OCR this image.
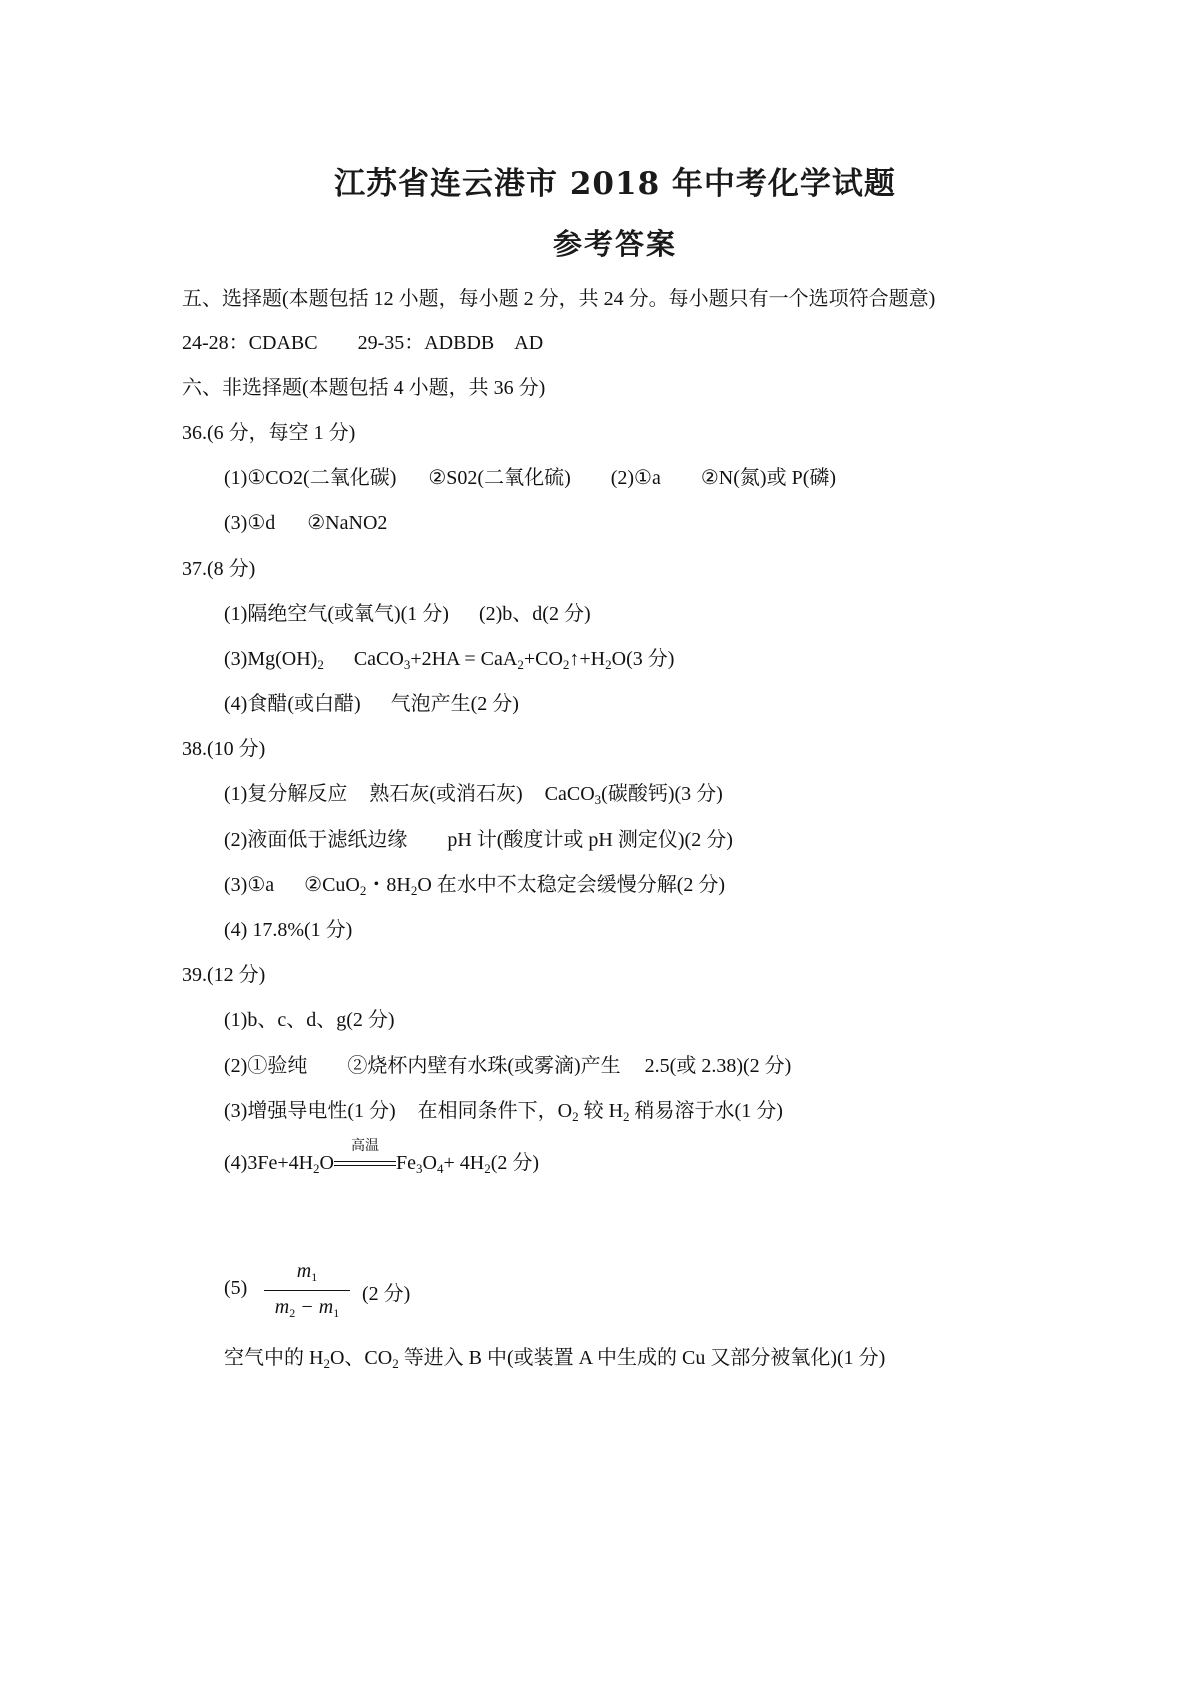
江苏省连云港市 2018 年中考化学试题
参考答案
五、选择题(本题包括 12 小题，每小题 2 分，共 24 分。每小题只有一个选项符合题意)
24-28：CDABC 29-35：ADBDB　AD
六、非选择题(本题包括 4 小题，共 36 分)
36.(6 分，每空 1 分)
(1)①CO2(二氧化碳) ②S02(二氧化硫) (2)①a ②N(氮)或 P(磷)
(3)①d ②NaNO2
37.(8 分)
(1)隔绝空气(或氧气)(1 分) (2)b、d(2 分)
$(3)Mg(OH)_2$ CaCO$_3$+2HA = $CaA_2+CO_2↑+H_2O(3$ 分)
(4)食醋(或白醋) 气泡产生(2 分)
38.(10 分)
(1)复分解反应 熟石灰(或消石灰) CaCO$_3$(碳酸钙)(3 分)
(2)液面低于滤纸边缘 pH 计(酸度计或 pH 测定仪)(2 分)
(3)①a ②CuO$_2$・$8H_2O$ 在水中不太稳定会缓慢分解(2 分)
(4) 17.8%(1 分)
39.(12 分)
(1)b、c、d、g(2 分)
(2)①验纯 ②烧杯内壁有水珠(或雾滴)产生 2.5(或 2.38)(2 分)
(3)增强导电性(1 分) 在相同条件下，$O_2$ 较 $H_2$ 稍易溶于水(1 分)
$(4)3Fe+4H_2O$
高温
$Fe_3O_4+ 4H_2(2$ 分)
(5)
$m_1$
$m_2 - m_1$
(2 分)
空气中的 $H_2O$、$CO_2$ 等进入 B 中(或装置 A 中生成的 Cu 又部分被氧化)(1 分)
